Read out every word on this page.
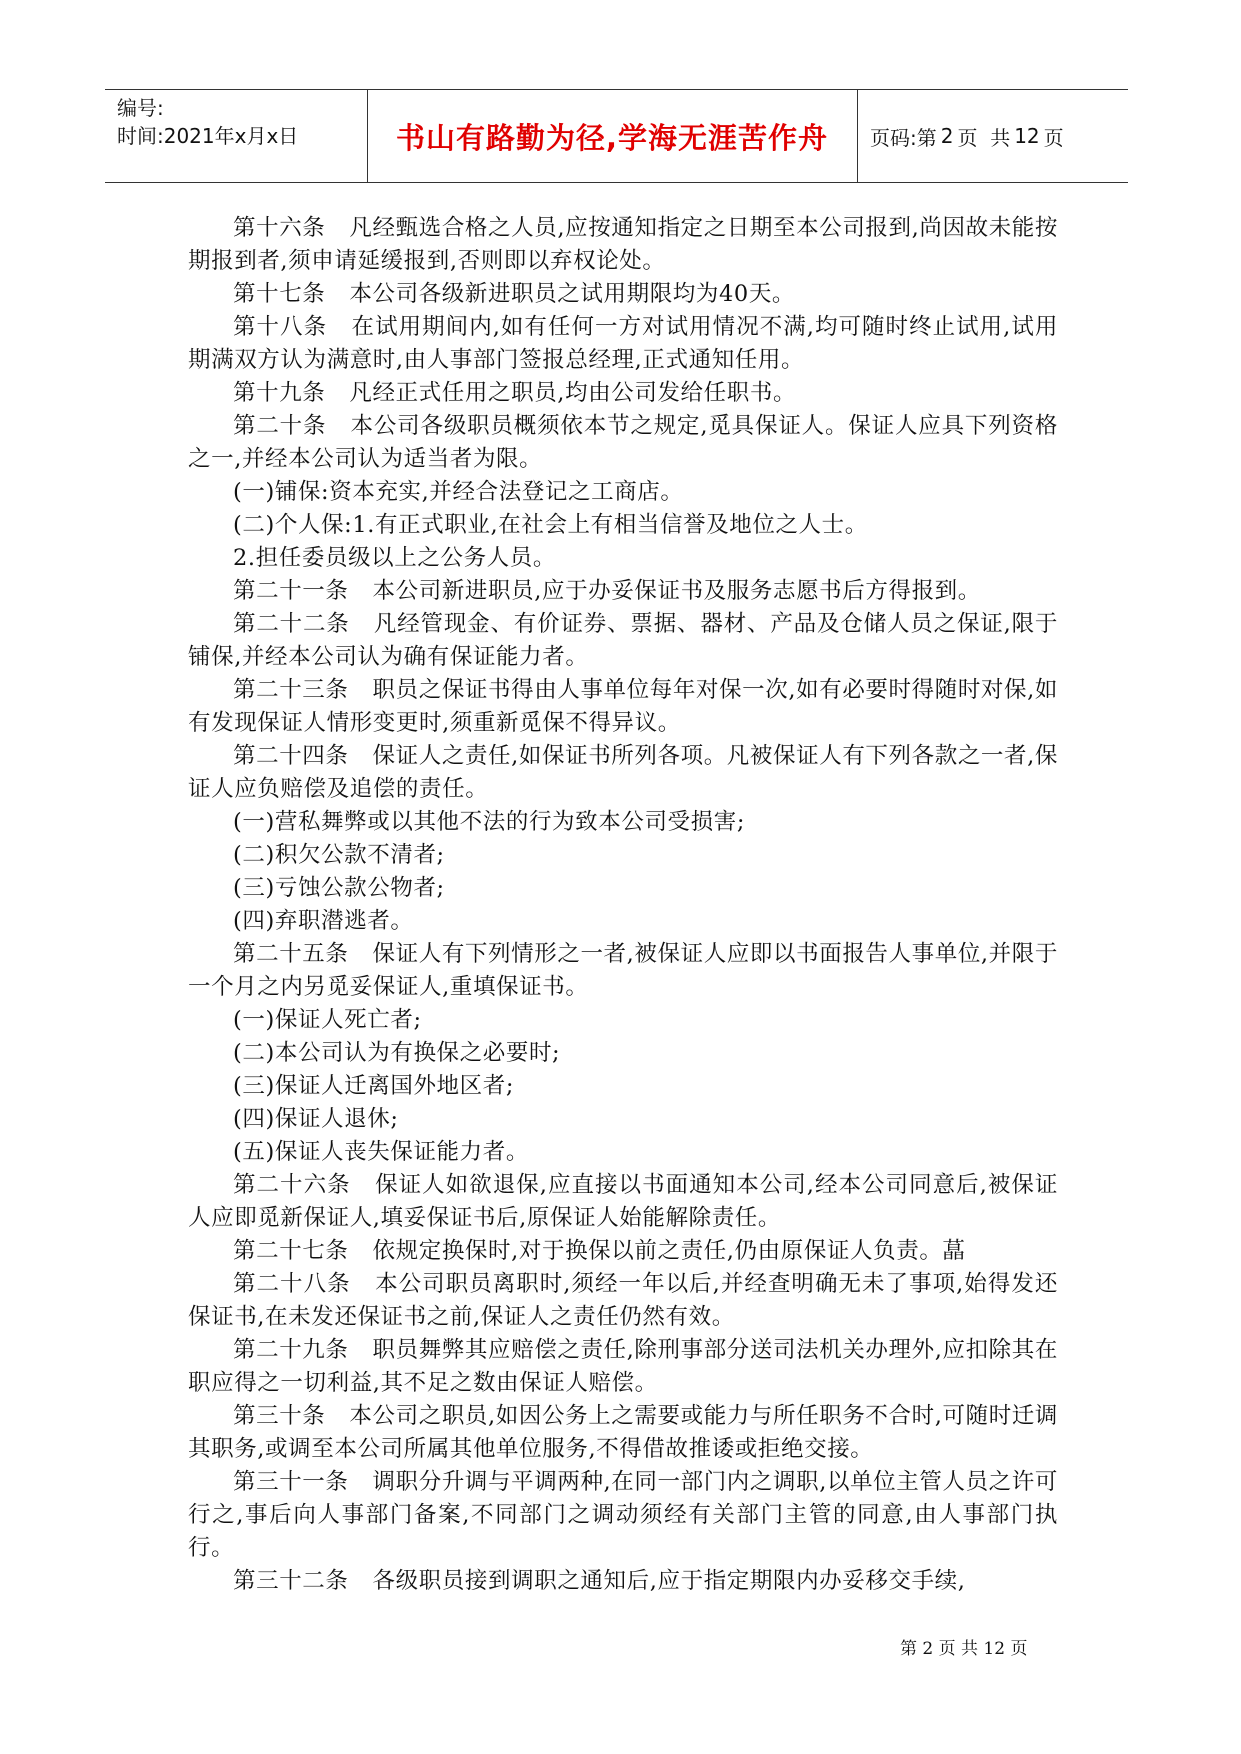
编号:
时间:2021年x月x日	书山有路勤为径,学海无涯苦作舟	页码:第 2 页  共 12 页

第十六条 凡经甄选合格之人员,应按通知指定之日期至本公司报到,尚因故未能按期报到者,须申请延缓报到,否则即以弃权论处。

第十七条 本公司各级新进职员之试用期限均为40天。

第十八条 在试用期间内,如有任何一方对试用情况不满,均可随时终止试用,试用期满双方认为满意时,由人事部门签报总经理,正式通知任用。

第十九条 凡经正式任用之职员,均由公司发给任职书。

第二十条 本公司各级职员概须依本节之规定,觅具保证人。保证人应具下列资格之一,并经本公司认为适当者为限。

(一)铺保:资本充实,并经合法登记之工商店。

(二)个人保:1.有正式职业,在社会上有相当信誉及地位之人士。

2.担任委员级以上之公务人员。

第二十一条 本公司新进职员,应于办妥保证书及服务志愿书后方得报到。

第二十二条 凡经管现金、有价证券、票据、器材、产品及仓储人员之保证,限于铺保,并经本公司认为确有保证能力者。

第二十三条 职员之保证书得由人事单位每年对保一次,如有必要时得随时对保,如有发现保证人情形变更时,须重新觅保不得异议。

第二十四条 保证人之责任,如保证书所列各项。凡被保证人有下列各款之一者,保证人应负赔偿及追偿的责任。

(一)营私舞弊或以其他不法的行为致本公司受损害;

(二)积欠公款不清者;

(三)亏蚀公款公物者;

(四)弃职潜逃者。

第二十五条 保证人有下列情形之一者,被保证人应即以书面报告人事单位,并限于一个月之内另觅妥保证人,重填保证书。

(一)保证人死亡者;

(二)本公司认为有换保之必要时;

(三)保证人迁离国外地区者;

(四)保证人退休;

(五)保证人丧失保证能力者。

第二十六条 保证人如欲退保,应直接以书面通知本公司,经本公司同意后,被保证人应即觅新保证人,填妥保证书后,原保证人始能解除责任。

第二十七条 依规定换保时,对于换保以前之责任,仍由原保证人负责。蕌

第二十八条 本公司职员离职时,须经一年以后,并经查明确无未了事项,始得发还保证书,在未发还保证书之前,保证人之责任仍然有效。

第二十九条 职员舞弊其应赔偿之责任,除刑事部分送司法机关办理外,应扣除其在职应得之一切利益,其不足之数由保证人赔偿。

第三十条 本公司之职员,如因公务上之需要或能力与所任职务不合时,可随时迁调其职务,或调至本公司所属其他单位服务,不得借故推诿或拒绝交接。

第三十一条 调职分升调与平调两种,在同一部门内之调职,以单位主管人员之许可行之,事后向人事部门备案,不同部门之调动须经有关部门主管的同意,由人事部门执行。

第三十二条 各级职员接到调职之通知后,应于指定期限内办妥移交手续,

第 2 页 共 12 页
